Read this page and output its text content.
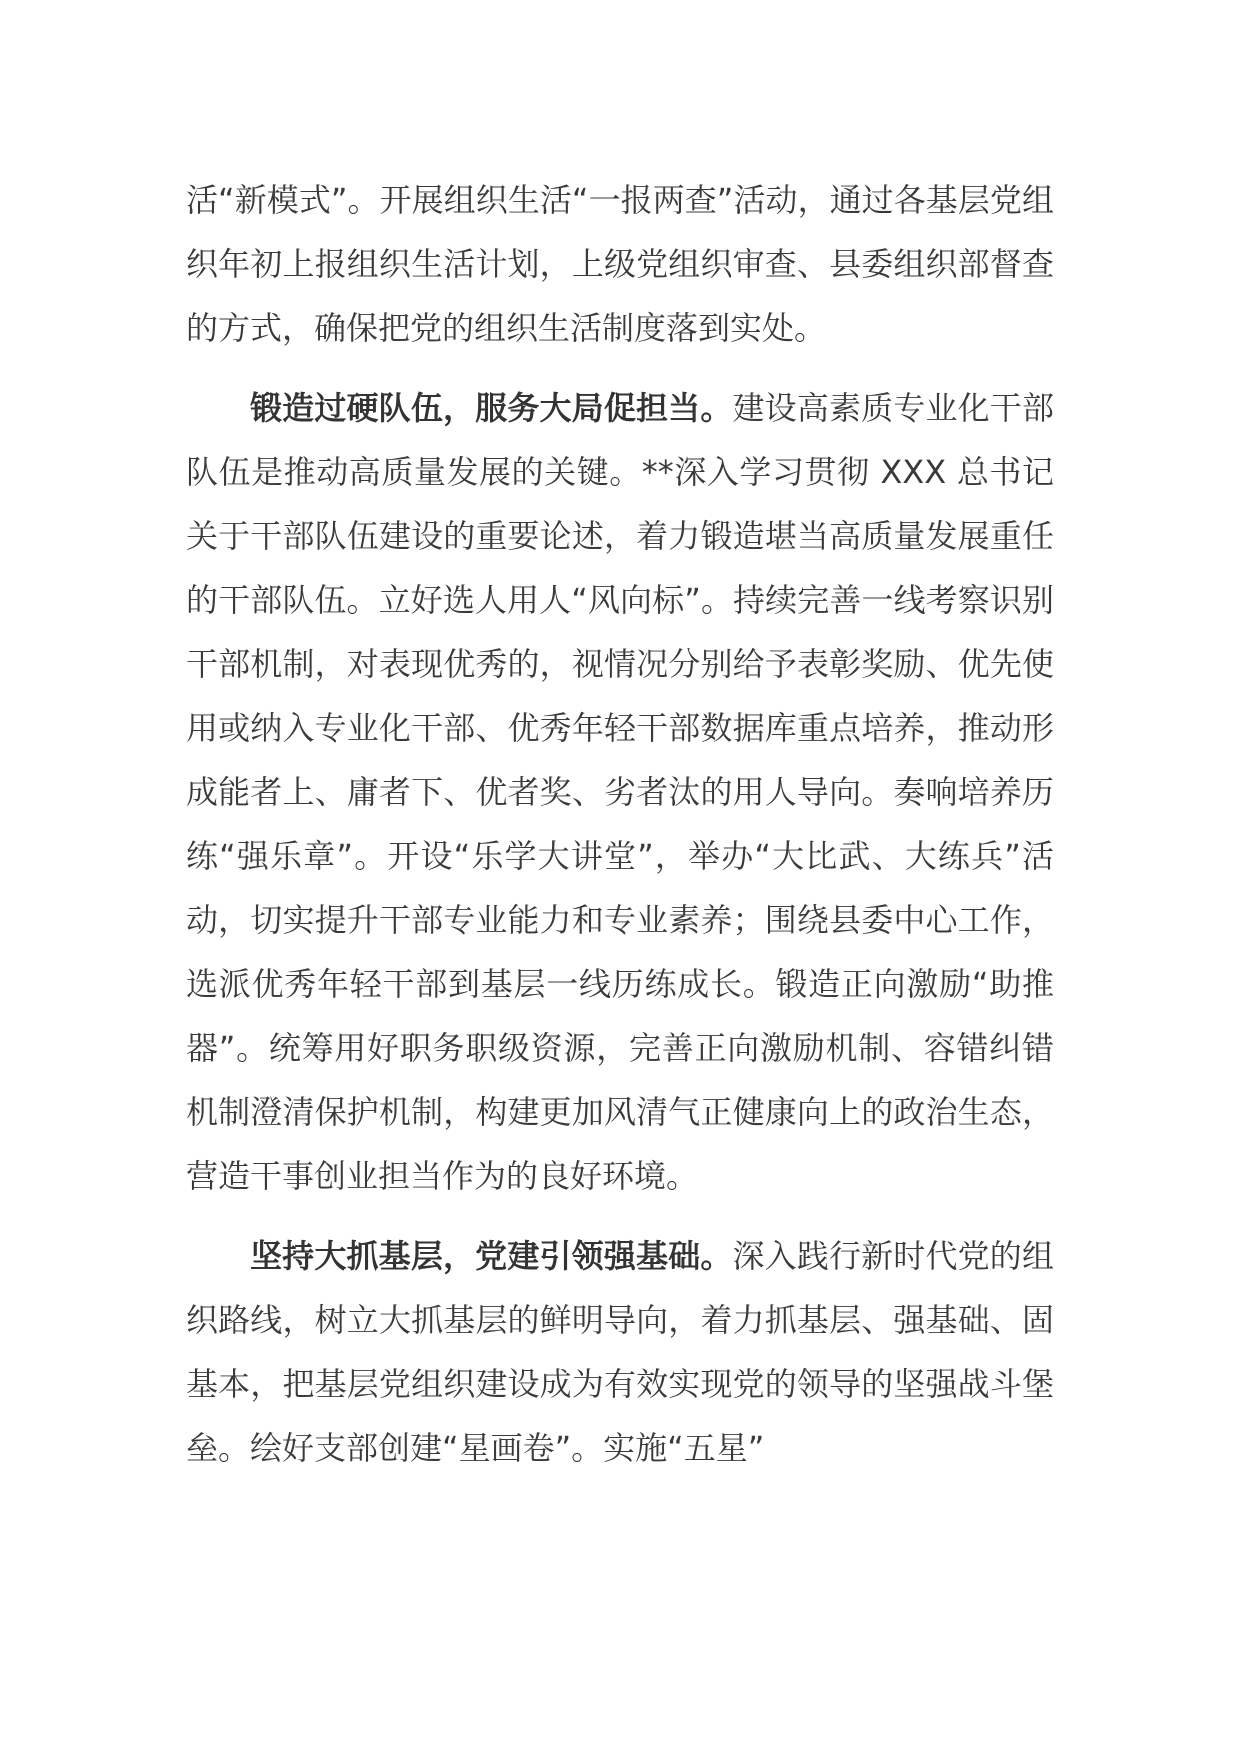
活“新模式”。开展组织生活“一报两查”活动，通过各基层党组织年初上报组织生活计划，上级党组织审查、县委组织部督查的方式，确保把党的组织生活制度落到实处。

锻造过硬队伍，服务大局促担当。建设高素质专业化干部队伍是推动高质量发展的关键。**深入学习贯彻 XXX 总书记关于干部队伍建设的重要论述，着力锻造堪当高质量发展重任的干部队伍。立好选人用人“风向标”。持续完善一线考察识别干部机制，对表现优秀的，视情况分别给予表彰奖励、优先使用或纳入专业化干部、优秀年轻干部数据库重点培养，推动形成能者上、庸者下、优者奖、劣者汰的用人导向。奏响培养历练“强乐章”。开设“乐学大讲堂”，举办“大比武、大练兵”活动，切实提升干部专业能力和专业素养；围绕县委中心工作，选派优秀年轻干部到基层一线历练成长。锻造正向激励“助推器”。统筹用好职务职级资源，完善正向激励机制、容错纠错机制澄清保护机制，构建更加风清气正健康向上的政治生态，营造干事创业担当作为的良好环境。

坚持大抓基层，党建引领强基础。深入践行新时代党的组织路线，树立大抓基层的鲜明导向，着力抓基层、强基础、固基本，把基层党组织建设成为有效实现党的领导的坚强战斗堡垒。绘好支部创建“星画卷”。实施“五星”
